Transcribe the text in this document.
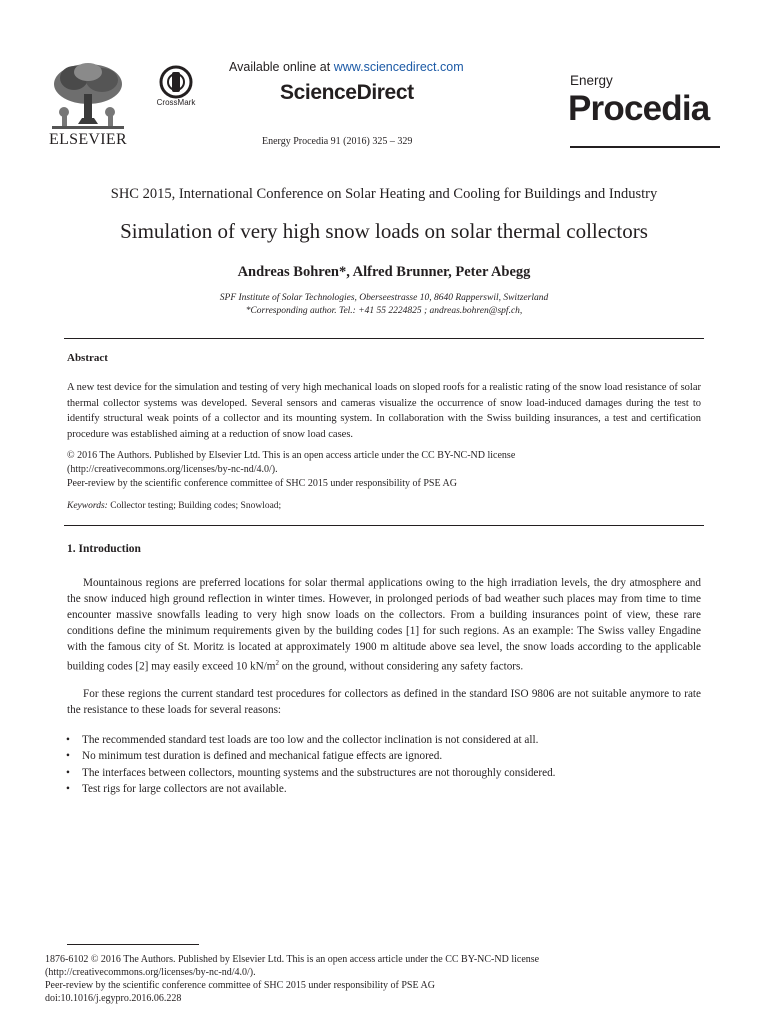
ELSEVIER
CrossMark
Available online at www.sciencedirect.com
ScienceDirect
Energy Procedia 91 (2016) 325 – 329
Energy
Procedia
SHC 2015, International Conference on Solar Heating and Cooling for Buildings and Industry
Simulation of very high snow loads on solar thermal collectors
Andreas Bohren*, Alfred Brunner, Peter Abegg
SPF Institute of Solar Technologies, Oberseestrasse 10, 8640 Rapperswil, Switzerland
*Corresponding author. Tel.: +41 55 2224825 ; andreas.bohren@spf.ch,
Abstract
A new test device for the simulation and testing of very high mechanical loads on sloped roofs for a realistic rating of the snow load resistance of solar thermal collector systems was developed. Several sensors and cameras visualize the occurrence of snow load-induced damages during the test to identify structural weak points of a collector and its mounting system. In collaboration with the Swiss building insurances, a test and certification procedure was established aiming at a reduction of snow load cases.
© 2016 The Authors. Published by Elsevier Ltd. This is an open access article under the CC BY-NC-ND license
(http://creativecommons.org/licenses/by-nc-nd/4.0/).
Peer-review by the scientific conference committee of SHC 2015 under responsibility of PSE AG
Keywords: Collector testing; Building codes; Snowload;
1. Introduction
Mountainous regions are preferred locations for solar thermal applications owing to the high irradiation levels, the dry atmosphere and the snow induced high ground reflection in winter times. However, in prolonged periods of bad weather such places may from time to time encounter massive snowfalls leading to very high snow loads on the collectors. From a building insurances point of view, these rare conditions define the minimum requirements given by the building codes [1] for such regions. As an example: The Swiss valley Engadine with the famous city of St. Moritz is located at approximately 1900 m altitude above sea level, the snow loads according to the applicable building codes [2] may easily exceed 10 $kN/m^2$ on the ground, without considering any safety factors.
For these regions the current standard test procedures for collectors as defined in the standard ISO 9806 are not suitable anymore to rate the resistance to these loads for several reasons:
• The recommended standard test loads are too low and the collector inclination is not considered at all.
• No minimum test duration is defined and mechanical fatigue effects are ignored.
• The interfaces between collectors, mounting systems and the substructures are not thoroughly considered.
• Test rigs for large collectors are not available.
1876-6102 © 2016 The Authors. Published by Elsevier Ltd. This is an open access article under the CC BY-NC-ND license
(http://creativecommons.org/licenses/by-nc-nd/4.0/).
Peer-review by the scientific conference committee of SHC 2015 under responsibility of PSE AG
doi:10.1016/j.egypro.2016.06.228
